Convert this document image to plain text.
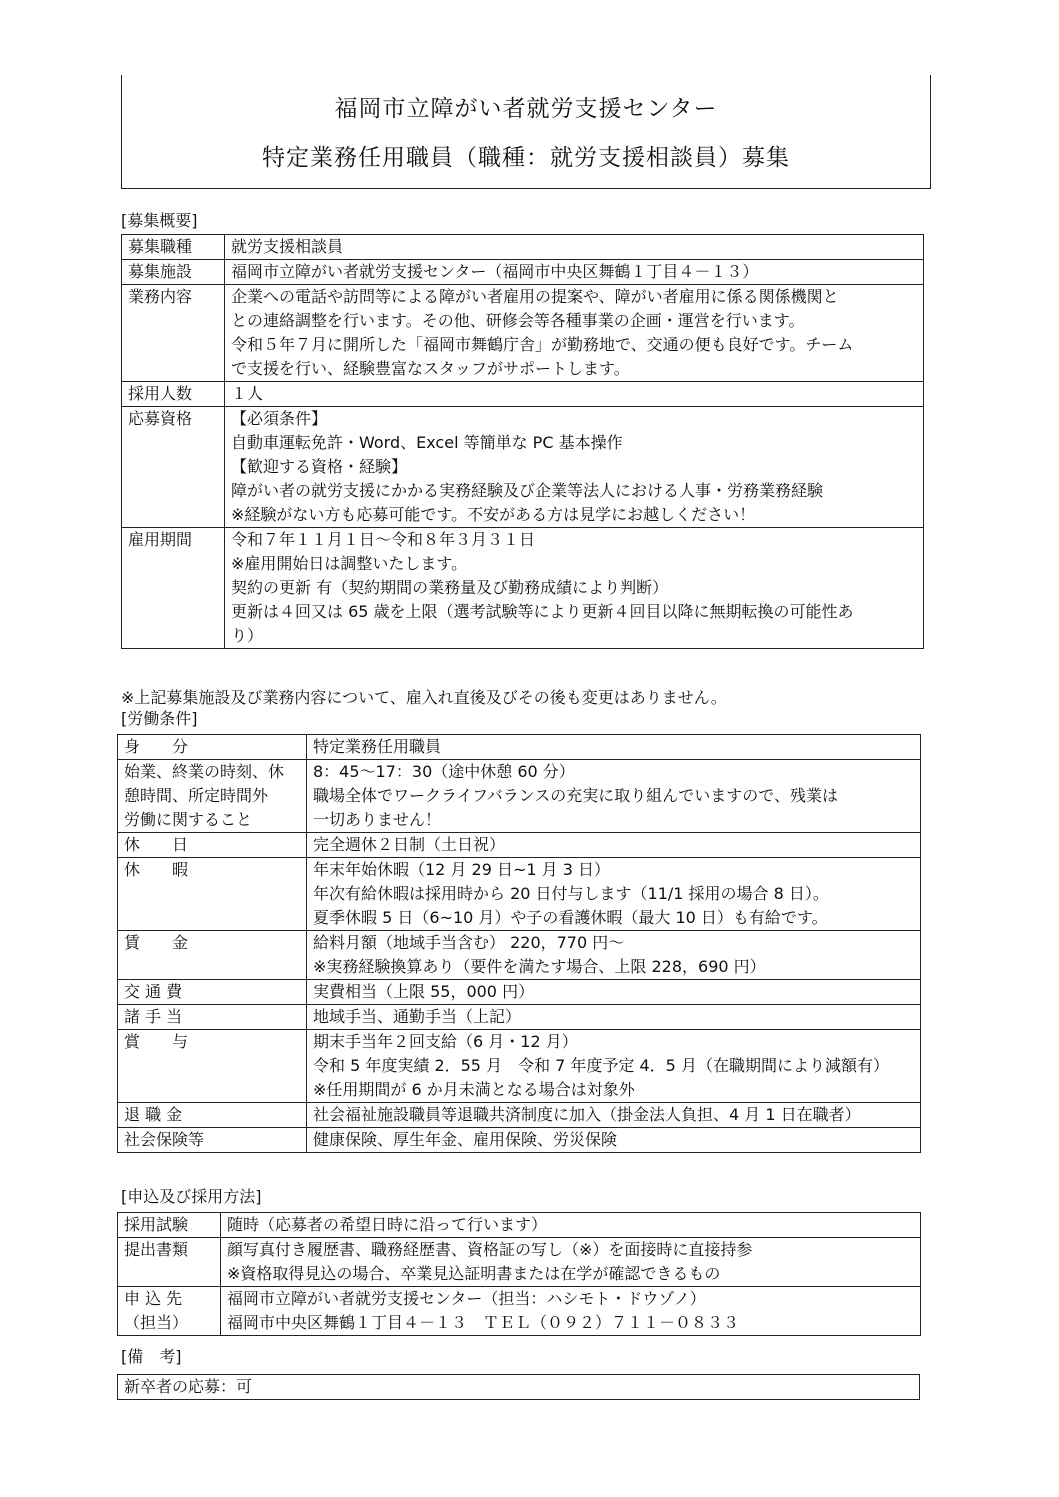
福岡市立障がい者就労支援センター
特定業務任用職員（職種：就労支援相談員）募集
[募集概要]
募集職種	就労支援相談員

募集施設	福岡市立障がい者就労支援センター（福岡市中央区舞鶴１丁目４－１３）

業務内容	企業への電話や訪問等による障がい者雇用の提案や、障がい者雇用に係る関係機関と
との連絡調整を行います。その他、研修会等各種事業の企画・運営を行います。
令和５年７月に開所した「福岡市舞鶴庁舎」が勤務地で、交通の便も良好です。チーム
で支援を行い、経験豊富なスタッフがサポートします。

採用人数	１人

応募資格	【必須条件】
自動車運転免許・Word、Excel 等簡単な PC 基本操作
【歓迎する資格・経験】
障がい者の就労支援にかかる実務経験及び企業等法人における人事・労務業務経験
※経験がない方も応募可能です。不安がある方は見学にお越しください！

雇用期間	令和７年１１月１日～令和８年３月３１日
※雇用開始日は調整いたします。
契約の更新 有（契約期間の業務量及び勤務成績により判断）
更新は４回又は 65 歳を上限（選考試験等により更新４回目以降に無期転換の可能性あ
り）
※上記募集施設及び業務内容について、雇入れ直後及びその後も変更はありません。
[労働条件]
身　　分	特定業務任用職員

始業、終業の時刻、休
憩時間、所定時間外
労働に関すること	8：45～17：30（途中休憩 60 分）
職場全体でワークライフバランスの充実に取り組んでいますので、残業は
一切ありません！

休　　日	完全週休２日制（土日祝）

休　　暇	年末年始休暇（12 月 29 日~1 月 3 日）
年次有給休暇は採用時から 20 日付与します（11/1 採用の場合 8 日）。
夏季休暇 5 日（6~10 月）や子の看護休暇（最大 10 日）も有給です。

賃　　金	給料月額（地域手当含む） 220，770 円～
※実務経験換算あり（要件を満たす場合、上限 228，690 円）

交 通 費	実費相当（上限 55，000 円）

諸 手 当	地域手当、通勤手当（上記）

賞　　与	期末手当年２回支給（6 月・12 月）
令和 5 年度実績 2．55 月　令和 7 年度予定 4．5 月（在職期間により減額有）
※任用期間が 6 か月未満となる場合は対象外

退 職 金	社会福祉施設職員等退職共済制度に加入（掛金法人負担、4 月 1 日在職者）

社会保険等	健康保険、厚生年金、雇用保険、労災保険
[申込及び採用方法]
採用試験	随時（応募者の希望日時に沿って行います）

提出書類	顔写真付き履歴書、職務経歴書、資格証の写し（※）を面接時に直接持参
※資格取得見込の場合、卒業見込証明書または在学が確認できるもの

申 込 先
（担当）	福岡市立障がい者就労支援センター（担当：ハシモト・ドウゾノ）
福岡市中央区舞鶴１丁目４－１３　ＴＥＬ（０９２）７１１－０８３３
[備　考]
新卒者の応募：可
